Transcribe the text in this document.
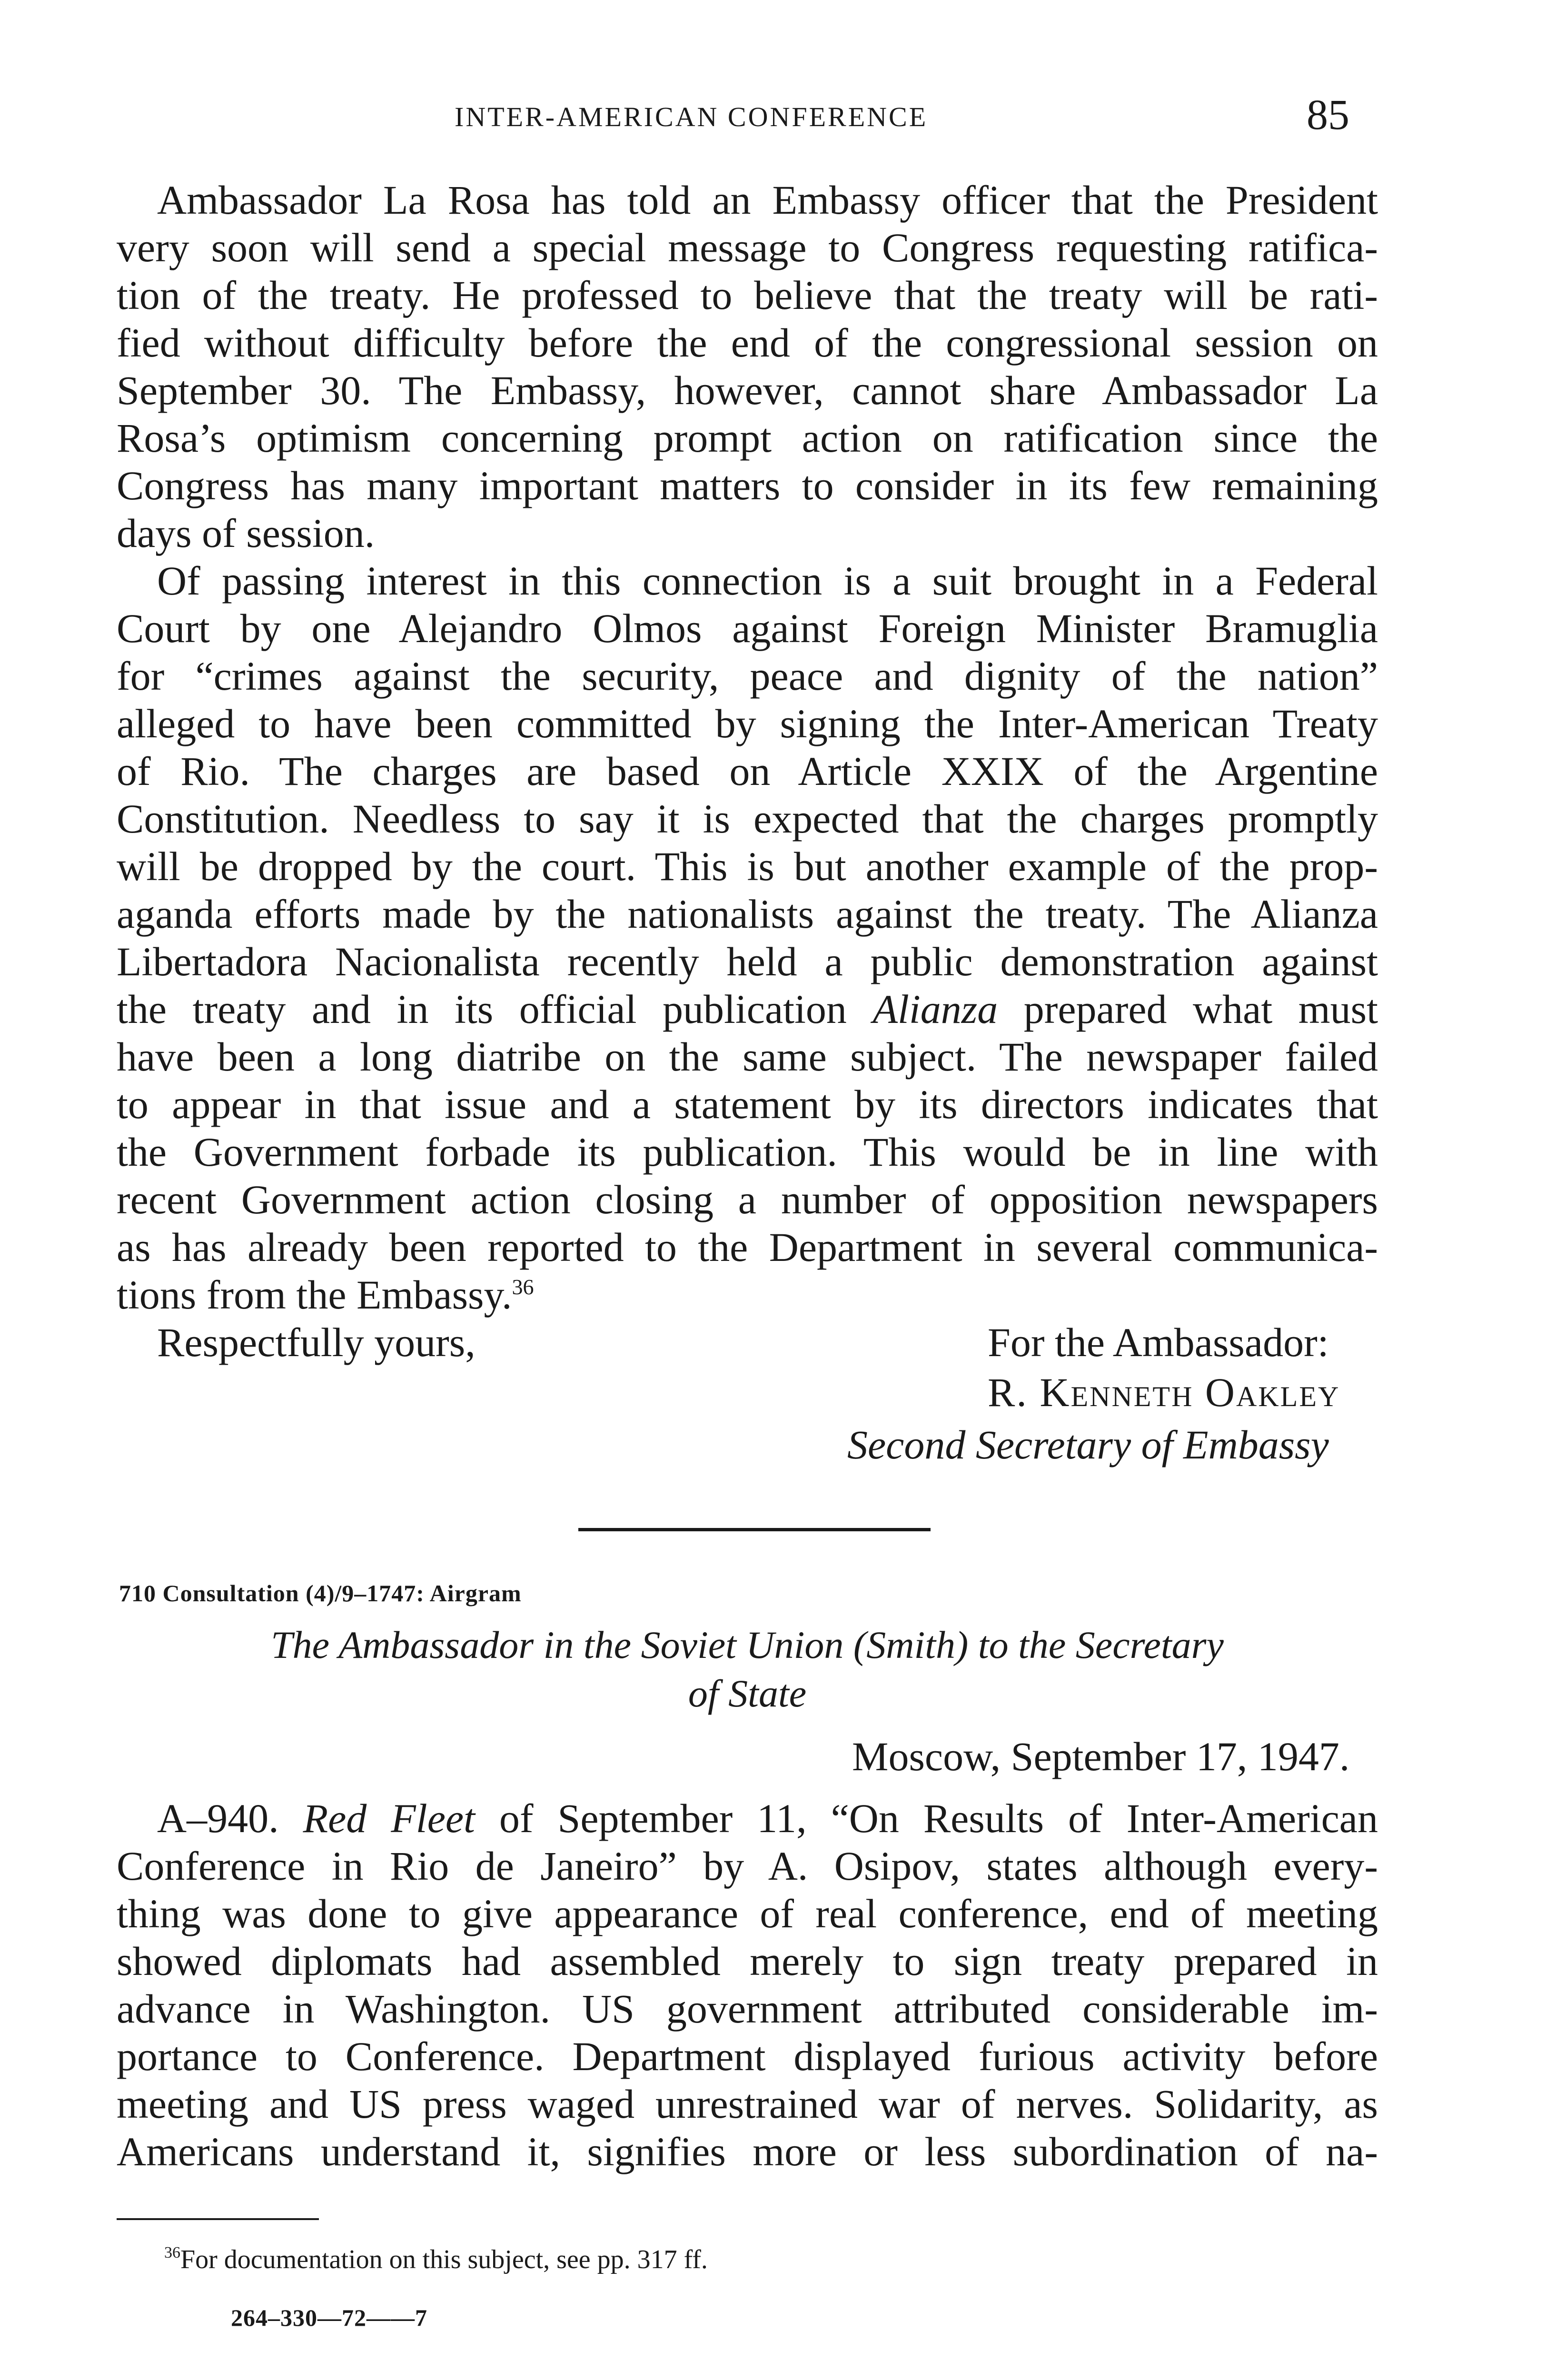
INTER-AMERICAN CONFERENCE	85
Ambassador La Rosa has told an Embassy officer that the President
very soon will send a special message to Congress requesting ratifica-
tion of the treaty. He professed to believe that the treaty will be rati-
fied without difficulty before the end of the congressional session on
September 30. The Embassy, however, cannot share Ambassador La
Rosa’s optimism concerning prompt action on ratification since the
Congress has many important matters to consider in its few remaining
days of session.
Of passing interest in this connection is a suit brought in a Federal
Court by one Alejandro Olmos against Foreign Minister Bramuglia
for “crimes against the security, peace and dignity of the nation”
alleged to have been committed by signing the Inter-American Treaty
of Rio. The charges are based on Article XXIX of the Argentine
Constitution. Needless to say it is expected that the charges promptly
will be dropped by the court. This is but another example of the prop-
aganda efforts made by the nationalists against the treaty. The Alianza
Libertadora Nacionalista recently held a public demonstration against
the treaty and in its official publication Alianza prepared what must
have been a long diatribe on the same subject. The newspaper failed
to appear in that issue and a statement by its directors indicates that
the Government forbade its publication. This would be in line with
recent Government action closing a number of opposition newspapers
as has already been reported to the Department in several communica-
tions from the Embassy.$^{36}$
Respectfully yours,	For the Ambassador:
R. Kenneth Oakley
Second Secretary of Embassy
710 Consultation (4)/9–1747: Airgram
The Ambassador in the Soviet Union (Smith) to the Secretary
of State
Moscow, September 17, 1947.
A–940. Red Fleet of September 11, “On Results of Inter-American
Conference in Rio de Janeiro” by A. Osipov, states although every-
thing was done to give appearance of real conference, end of meeting
showed diplomats had assembled merely to sign treaty prepared in
advance in Washington. US government attributed considerable im-
portance to Conference. Department displayed furious activity before
meeting and US press waged unrestrained war of nerves. Solidarity, as
Americans understand it, signifies more or less subordination of na-
$^{36}$For documentation on this subject, see pp. 317 ff.
264–330—72——7
